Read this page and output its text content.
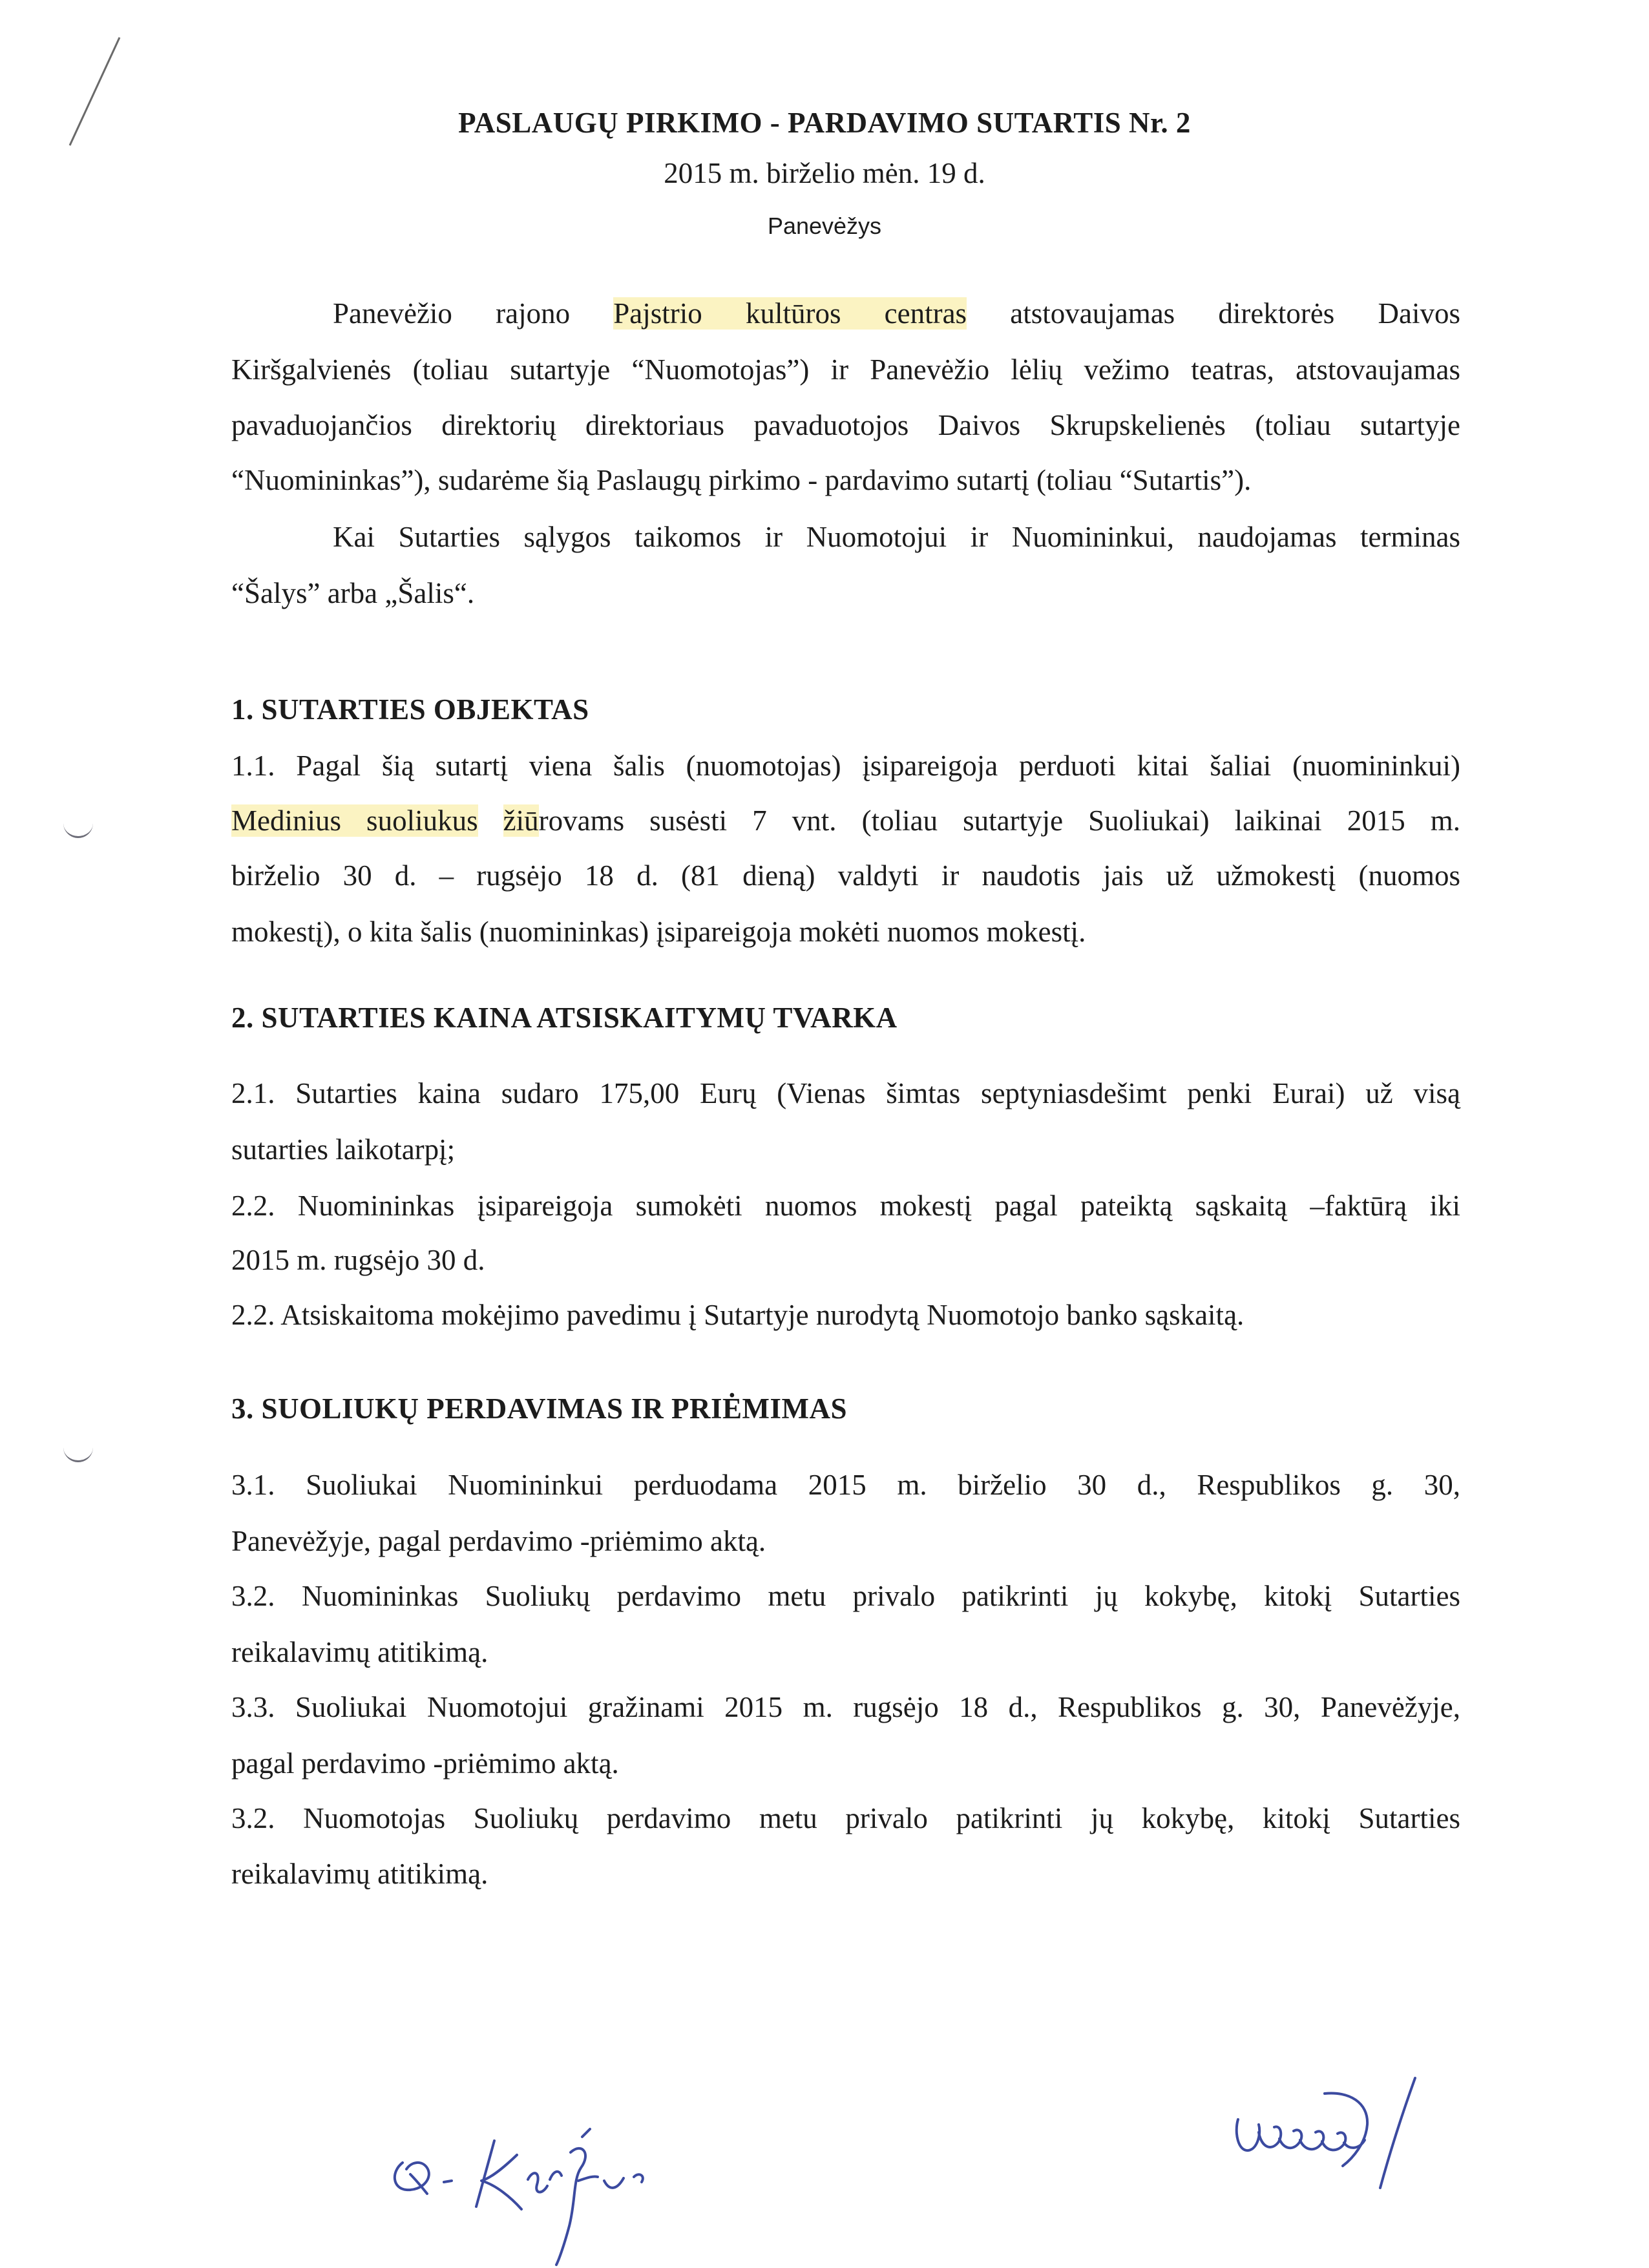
PASLAUGŲ PIRKIMO - PARDAVIMO SUTARTIS Nr. 2
2015 m. birželio mėn. 19 d.
Panevėžys
Panevėžio rajono Pajstrio kultūros centras atstovaujamas direktorės Daivos
Kiršgalvienės (toliau sutartyje “Nuomotojas”) ir Panevėžio lėlių vežimo teatras, atstovaujamas
pavaduojančios direktorių direktoriaus pavaduotojos Daivos Skrupskelienės (toliau sutartyje
“Nuomininkas”), sudarėme šią Paslaugų pirkimo - pardavimo sutartį (toliau “Sutartis”).
Kai Sutarties sąlygos taikomos ir Nuomotojui ir Nuomininkui, naudojamas terminas
“Šalys” arba „Šalis“.
1. SUTARTIES OBJEKTAS
1.1. Pagal šią sutartį viena šalis (nuomotojas) įsipareigoja perduoti kitai šaliai (nuomininkui)
Medinius suoliukus žiūrovams susėsti 7 vnt. (toliau sutartyje Suoliukai) laikinai 2015 m.
birželio 30 d. – rugsėjo 18 d. (81 dieną) valdyti ir naudotis jais už užmokestį (nuomos
mokestį), o kita šalis (nuomininkas) įsipareigoja mokėti nuomos mokestį.
2. SUTARTIES KAINA ATSISKAITYMŲ TVARKA
2.1. Sutarties kaina sudaro 175,00 Eurų (Vienas šimtas septyniasdešimt penki Eurai) už visą
sutarties laikotarpį;
2.2. Nuomininkas įsipareigoja sumokėti nuomos mokestį pagal pateiktą sąskaitą –faktūrą iki
2015 m. rugsėjo 30 d.
2.2. Atsiskaitoma mokėjimo pavedimu į Sutartyje nurodytą Nuomotojo banko sąskaitą.
3. SUOLIUKŲ PERDAVIMAS IR PRIĖMIMAS
3.1. Suoliukai Nuomininkui perduodama 2015 m. birželio 30 d., Respublikos g. 30,
Panevėžyje, pagal perdavimo -priėmimo aktą.
3.2. Nuomininkas Suoliukų perdavimo metu privalo patikrinti jų kokybę, kitokį Sutarties
reikalavimų atitikimą.
3.3. Suoliukai Nuomotojui gražinami 2015 m. rugsėjo 18 d., Respublikos g. 30, Panevėžyje,
pagal perdavimo -priėmimo aktą.
3.2. Nuomotojas Suoliukų perdavimo metu privalo patikrinti jų kokybę, kitokį Sutarties
reikalavimų atitikimą.
